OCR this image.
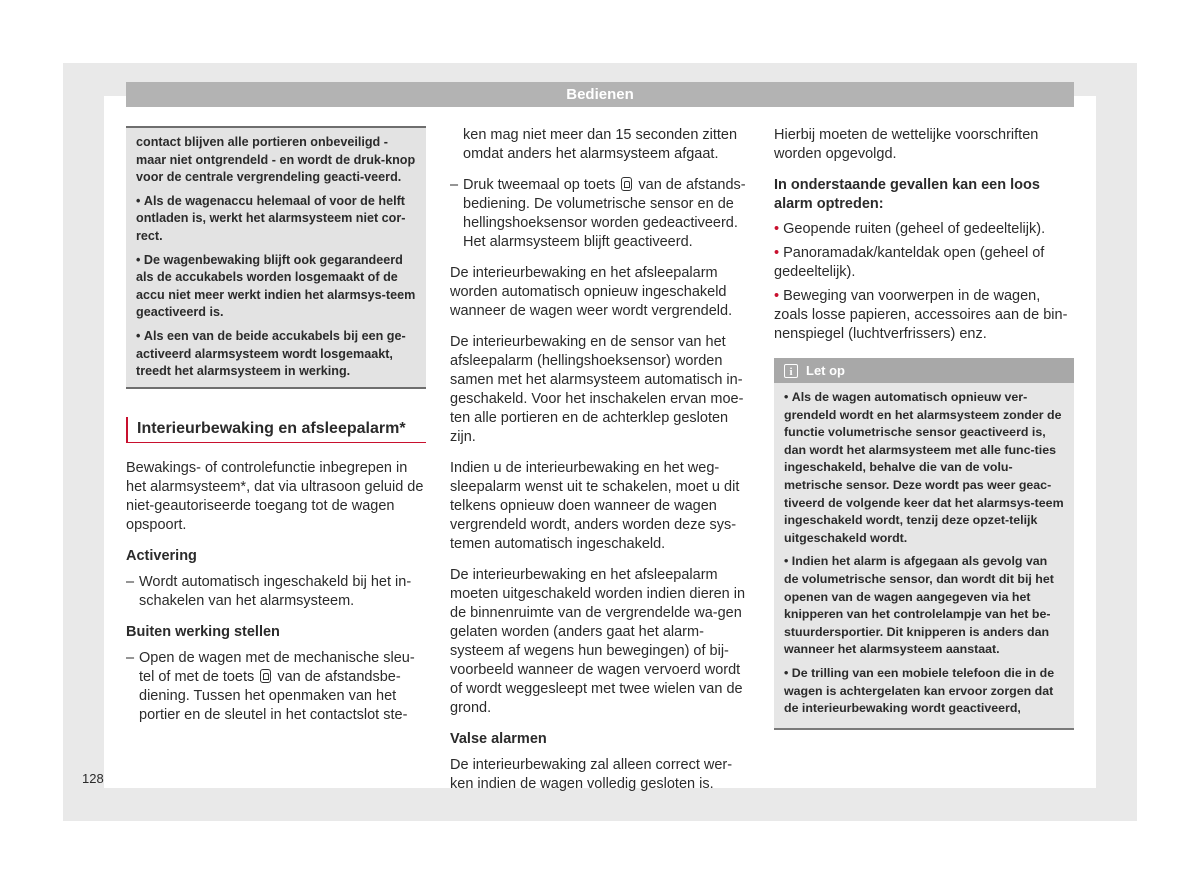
Bedienen

contact blijven alle portieren onbeveiligd - maar niet ontgrendeld - en wordt de druk-knop voor de centrale vergrendeling geacti-veerd.

• Als de wagenaccu helemaal of voor de helft ontladen is, werkt het alarmsysteem niet cor-rect.

• De wagenbewaking blijft ook gegarandeerd als de accukabels worden losgemaakt of de accu niet meer werkt indien het alarmsys-teem geactiveerd is.

• Als een van de beide accukabels bij een ge-activeerd alarmsysteem wordt losgemaakt, treedt het alarmsysteem in werking.

Interieurbewaking en afsleepalarm*

Bewakings- of controlefunctie inbegrepen in het alarmsysteem*, dat via ultrasoon geluid de niet-geautoriseerde toegang tot de wagen opspoort.

Activering
– Wordt automatisch ingeschakeld bij het in-schakelen van het alarmsysteem.
Buiten werking stellen
– Open de wagen met de mechanische sleu-tel of met de toets van de afstandsbe-diening. Tussen het openmaken van het portier en de sleutel in het contactslot ste-
ken mag niet meer dan 15 seconden zitten omdat anders het alarmsysteem afgaat.
– Druk tweemaal op toets van de afstands-bediening. De volumetrische sensor en de hellingshoeksensor worden gedeactiveerd. Het alarmsysteem blijft geactiveerd.

De interieurbewaking en het afsleepalarm worden automatisch opnieuw ingeschakeld wanneer de wagen weer wordt vergrendeld.

De interieurbewaking en de sensor van het afsleepalarm (hellingshoeksensor) worden samen met het alarmsysteem automatisch in-geschakeld. Voor het inschakelen ervan moe-ten alle portieren en de achterklep gesloten zijn.

Indien u de interieurbewaking en het weg-sleepalarm wenst uit te schakelen, moet u dit telkens opnieuw doen wanneer de wagen vergrendeld wordt, anders worden deze sys-temen automatisch ingeschakeld.

De interieurbewaking en het afsleepalarm moeten uitgeschakeld worden indien dieren in de binnenruimte van de vergrendelde wa-gen gelaten worden (anders gaat het alarm-systeem af wegens hun bewegingen) of bij-voorbeeld wanneer de wagen vervoerd wordt of wordt weggesleept met twee wielen van de grond.

Valse alarmen

De interieurbewaking zal alleen correct wer-ken indien de wagen volledig gesloten is.

Hierbij moeten de wettelijke voorschriften worden opgevolgd.

In onderstaande gevallen kan een loos alarm optreden:
• Geopende ruiten (geheel of gedeeltelijk).
• Panoramadak/kanteldak open (geheel of gedeeltelijk).
• Beweging van voorwerpen in de wagen, zoals losse papieren, accessoires aan de bin-nenspiegel (luchtverfrissers) enz.
i	Let op

• Als de wagen automatisch opnieuw ver-grendeld wordt en het alarmsysteem zonder de functie volumetrische sensor geactiveerd is, dan wordt het alarmsysteem met alle func-ties ingeschakeld, behalve die van de volu-metrische sensor. Deze wordt pas weer geac-tiveerd de volgende keer dat het alarmsys-teem ingeschakeld wordt, tenzij deze opzet-telijk uitgeschakeld wordt.

• Indien het alarm is afgegaan als gevolg van de volumetrische sensor, dan wordt dit bij het openen van de wagen aangegeven via het knipperen van het controlelampje van het be-stuurdersportier. Dit knipperen is anders dan wanneer het alarmsysteem aanstaat.

• De trilling van een mobiele telefoon die in de wagen is achtergelaten kan ervoor zorgen dat de interieurbewaking wordt geactiveerd,

128
